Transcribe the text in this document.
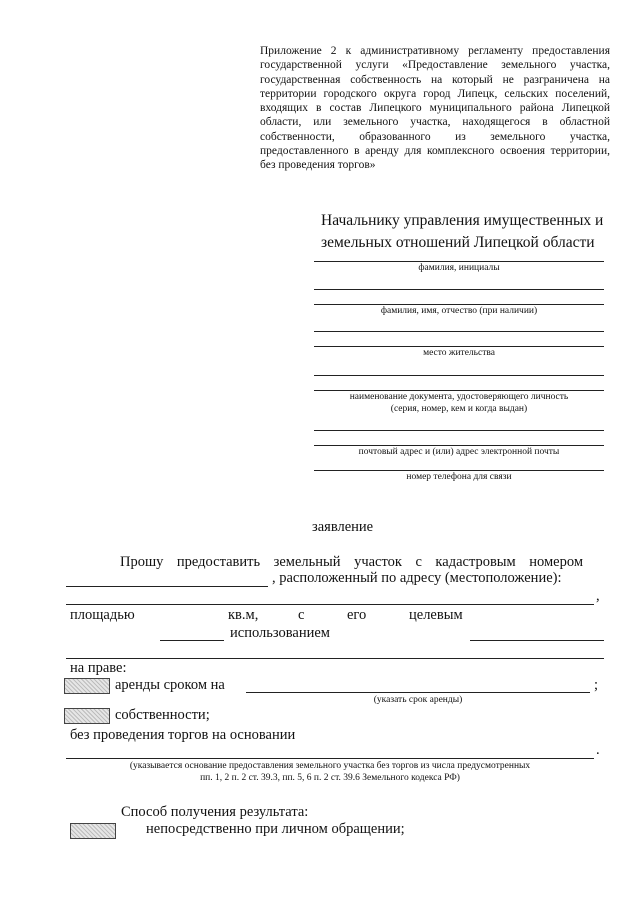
Приложение 2 к административному регламенту предоставления государственной услуги «Предоставление земельного участка, государственная собственность на который не разграничена на территории городского округа город Липецк, сельских поселений, входящих в состав Липецкого муниципального района Липецкой области, или земельного участка, находящегося в областной собственности, образованного из земельного участка, предоставленного в аренду для комплексного освоения территории, без проведения торгов»
Начальнику управления имущественных и земельных отношений Липецкой области
фамилия, инициалы
фамилия, имя, отчество (при наличии)
место жительства
наименование документа, удостоверяющего личность
(серия, номер, кем и когда выдан)
почтовый адрес и (или) адрес электронной почты
номер телефона для связи
заявление
Прошу предоставить земельный участок с кадастровым номером
, расположенный по адресу (местоположение):
,
площадью	кв.м,	с	его	целевым
использованием
на праве:
аренды сроком на	;
(указать срок аренды)
собственности;
без проведения торгов на основании
.
(указывается основание предоставления земельного участка без торгов из числа предусмотренных
пп. 1, 2 п. 2 ст. 39.3, пп. 5, 6 п. 2 ст. 39.6 Земельного кодекса РФ)
Способ получения результата:
непосредственно при личном обращении;
